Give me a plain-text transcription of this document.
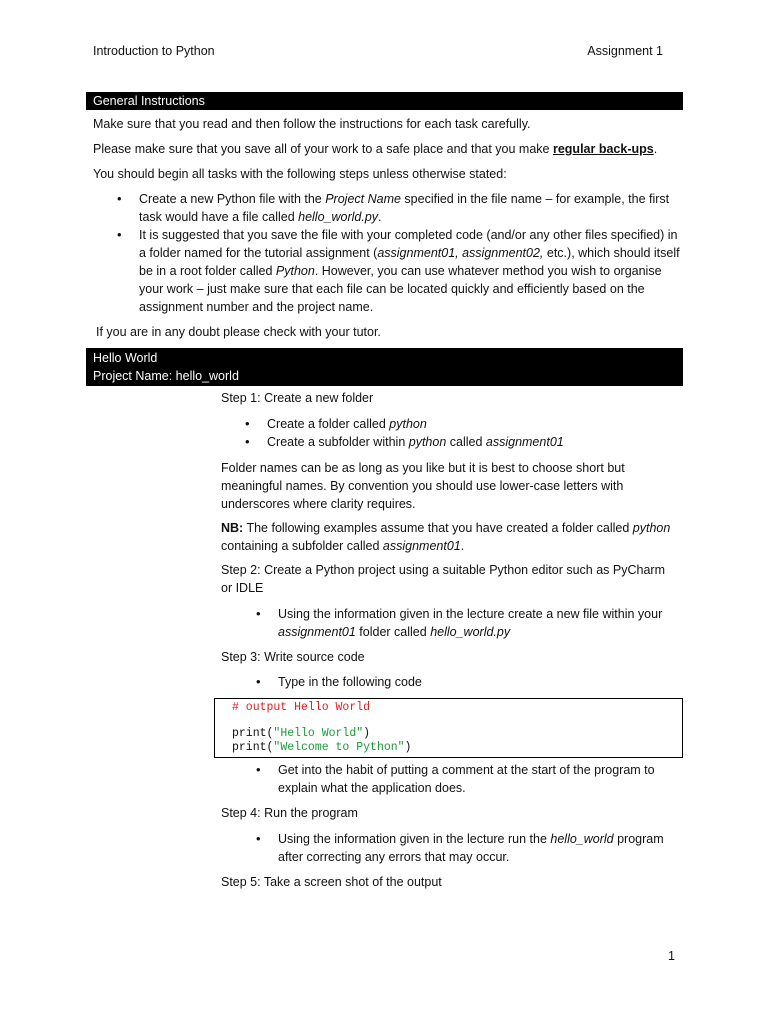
Introduction to Python	Assignment 1
General Instructions

Make sure that you read and then follow the instructions for each task carefully.

Please make sure that you save all of your work to a safe place and that you make regular back-ups.

You should begin all tasks with the following steps unless otherwise stated:

• Create a new Python file with the Project Name specified in the file name – for example, the first task would have a file called hello_world.py.
• It is suggested that you save the file with your completed code (and/or any other files specified) in a folder named for the tutorial assignment (assignment01, assignment02, etc.), which should itself be in a root folder called Python. However, you can use whatever method you wish to organise your work – just make sure that each file can be located quickly and efficiently based on the assignment number and the project name.

If you are in any doubt please check with your tutor.

Hello World
Project Name: hello_world

Step 1: Create a new folder

• Create a folder called python
• Create a subfolder within python called assignment01

Folder names can be as long as you like but it is best to choose short but meaningful names. By convention you should use lower-case letters with underscores where clarity requires.

NB: The following examples assume that you have created a folder called python containing a subfolder called assignment01.

Step 2: Create a Python project using a suitable Python editor such as PyCharm or IDLE

• Using the information given in the lecture create a new file within your assignment01 folder called hello_world.py

Step 3: Write source code

• Type in the following code
# output Hello World
print("Hello World")
print("Welcome to Python")
• Get into the habit of putting a comment at the start of the program to explain what the application does.

Step 4: Run the program

• Using the information given in the lecture run the hello_world program after correcting any errors that may occur.

Step 5: Take a screen shot of the output

1
